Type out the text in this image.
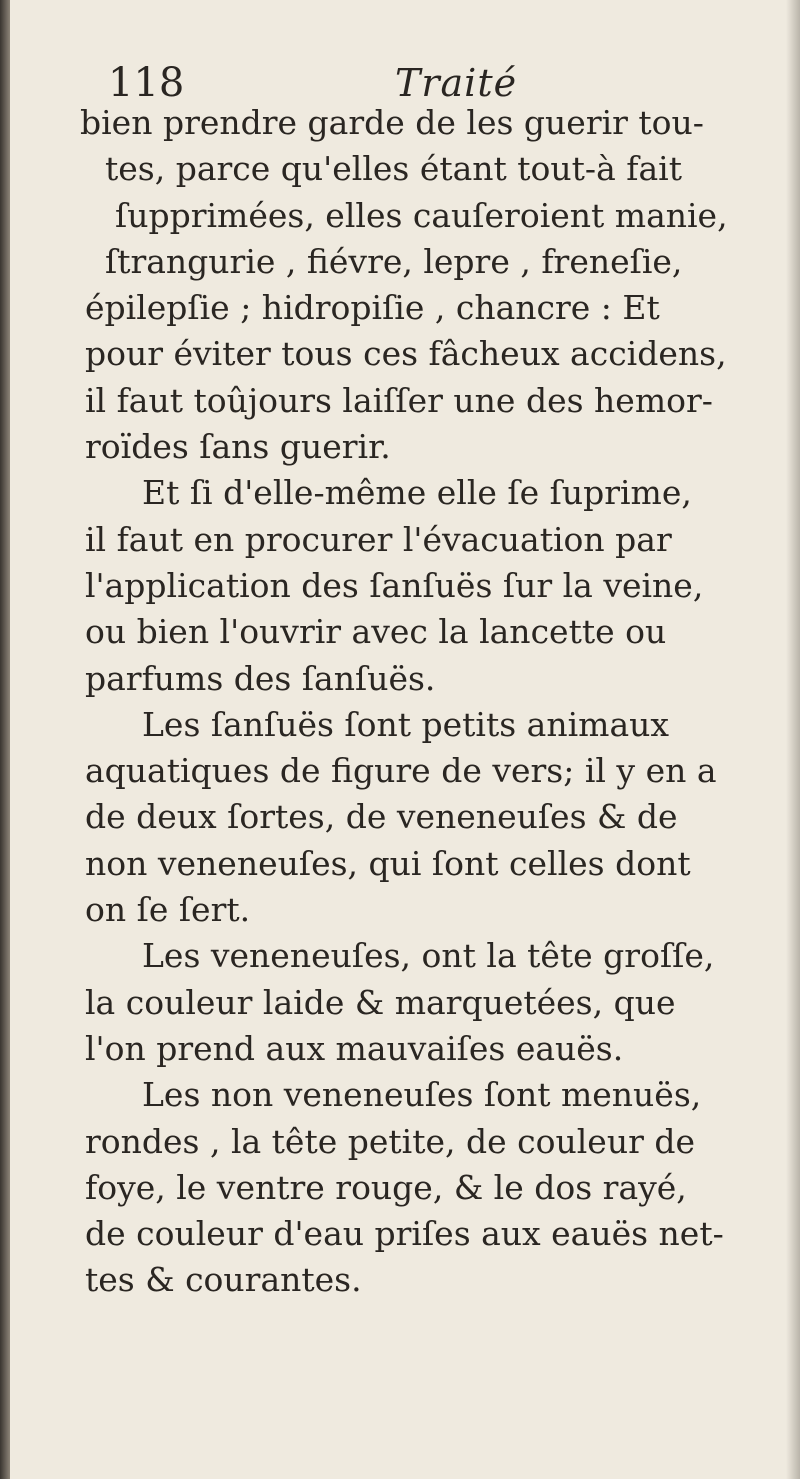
118	Traité
bien prendre garde de les guerir tou-
tes, parce qu'elles étant tout-à fait
ſupprimées, elles cauſeroient manie,
ſtrangurie , fiévre, lepre , freneſie,
épilepſie ; hidropiſie , chancre : Et
pour éviter tous ces fâcheux accidens,
il faut toûjours laiſſer une des hemor-
roïdes ſans guerir.
Et ſi d'elle-même elle ſe ſuprime,
il faut en procurer l'évacuation par
l'application des ſanſuës ſur la veine,
ou bien l'ouvrir avec la lancette ou
parfums des ſanſuës.
Les ſanſuës ſont petits animaux
aquatiques de figure de vers; il y en a
de deux ſortes, de veneneuſes & de
non veneneuſes, qui ſont celles dont
on ſe ſert.
Les veneneuſes, ont la tête groſſe,
la couleur laide & marquetées, que
l'on prend aux mauvaiſes eauës.
Les non veneneuſes ſont menuës,
rondes , la tête petite, de couleur de
foye, le ventre rouge, & le dos rayé,
de couleur d'eau priſes aux eauës net-
tes & courantes.
